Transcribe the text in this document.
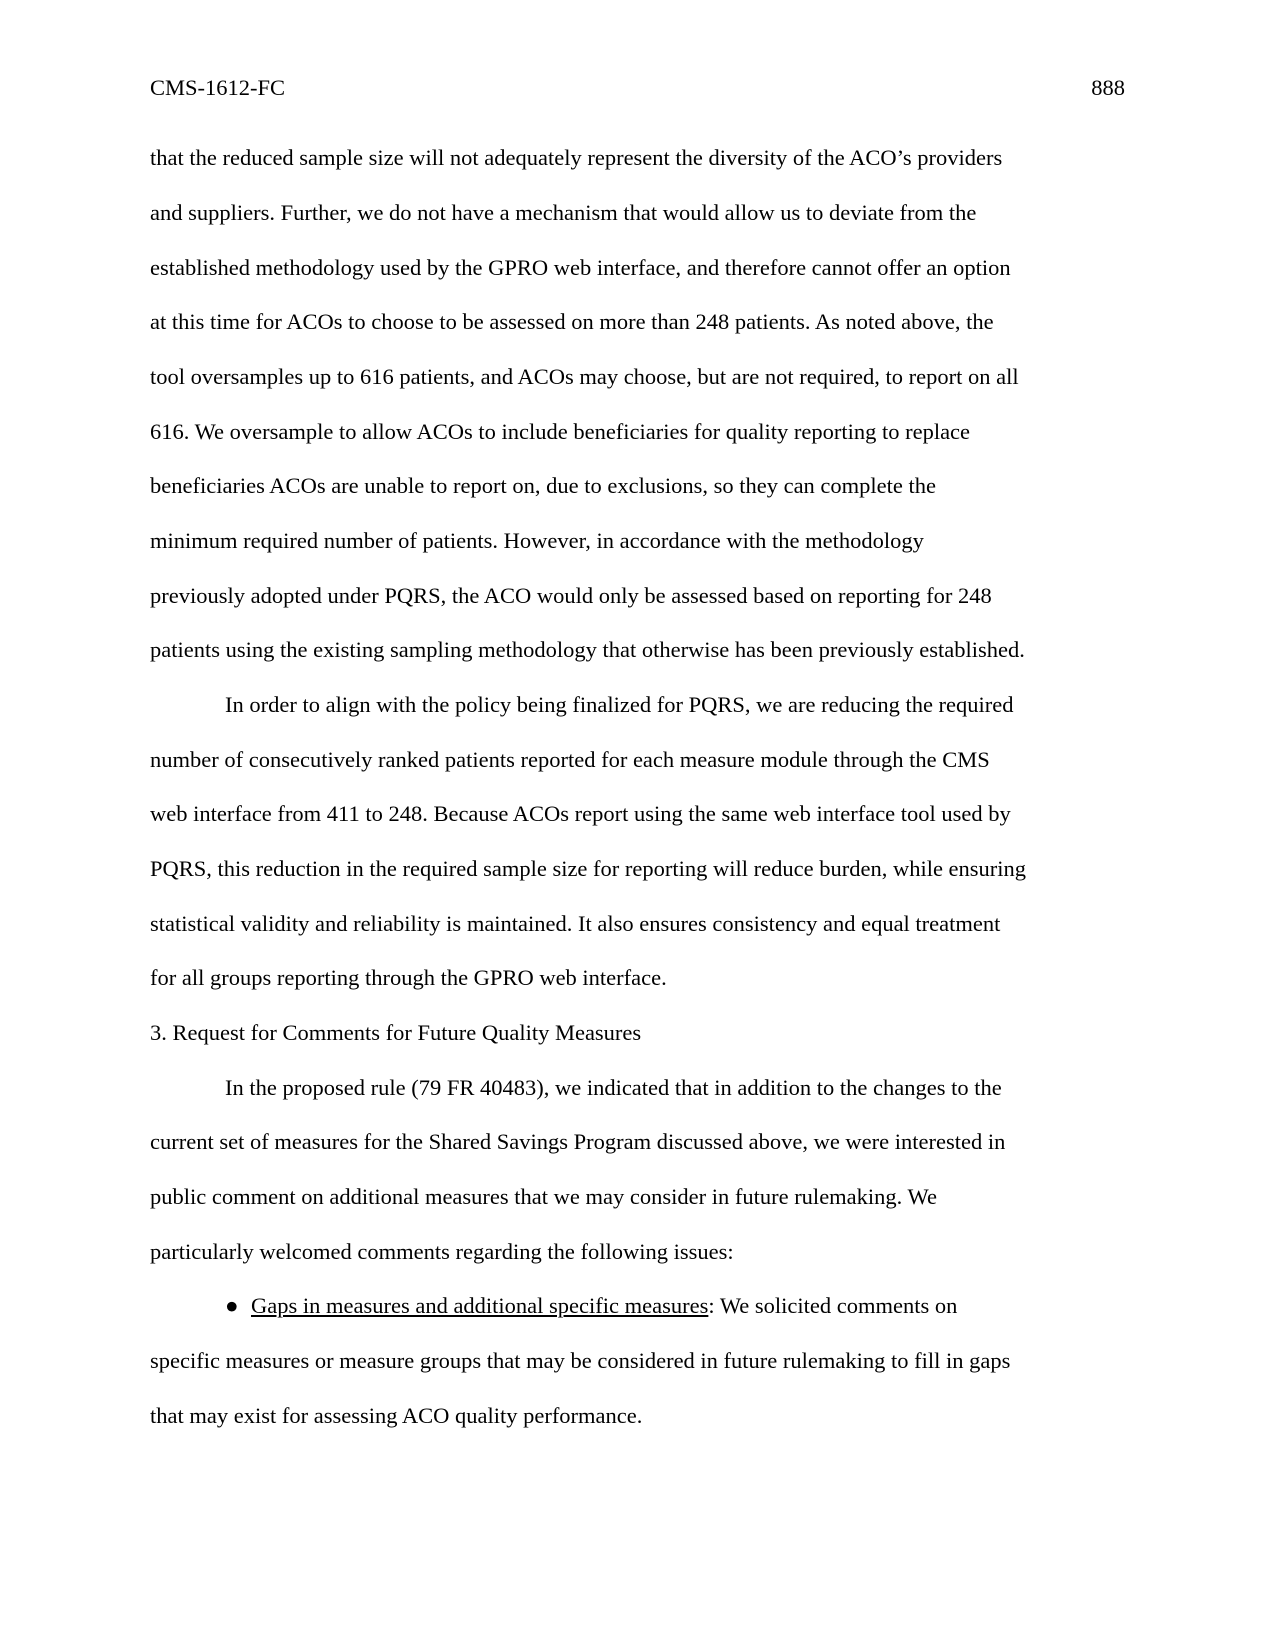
CMS-1612-FC	888
that the reduced sample size will not adequately represent the diversity of the ACO’s providers
and suppliers. Further, we do not have a mechanism that would allow us to deviate from the
established methodology used by the GPRO web interface, and therefore cannot offer an option
at this time for ACOs to choose to be assessed on more than 248 patients. As noted above, the
tool oversamples up to 616 patients, and ACOs may choose, but are not required, to report on all
616. We oversample to allow ACOs to include beneficiaries for quality reporting to replace
beneficiaries ACOs are unable to report on, due to exclusions, so they can complete the
minimum required number of patients. However, in accordance with the methodology
previously adopted under PQRS, the ACO would only be assessed based on reporting for 248
patients using the existing sampling methodology that otherwise has been previously established.
In order to align with the policy being finalized for PQRS, we are reducing the required
number of consecutively ranked patients reported for each measure module through the CMS
web interface from 411 to 248. Because ACOs report using the same web interface tool used by
PQRS, this reduction in the required sample size for reporting will reduce burden, while ensuring
statistical validity and reliability is maintained. It also ensures consistency and equal treatment
for all groups reporting through the GPRO web interface.
3. Request for Comments for Future Quality Measures
In the proposed rule (79 FR 40483), we indicated that in addition to the changes to the
current set of measures for the Shared Savings Program discussed above, we were interested in
public comment on additional measures that we may consider in future rulemaking. We
particularly welcomed comments regarding the following issues:
● Gaps in measures and additional specific measures: We solicited comments on
specific measures or measure groups that may be considered in future rulemaking to fill in gaps
that may exist for assessing ACO quality performance.
